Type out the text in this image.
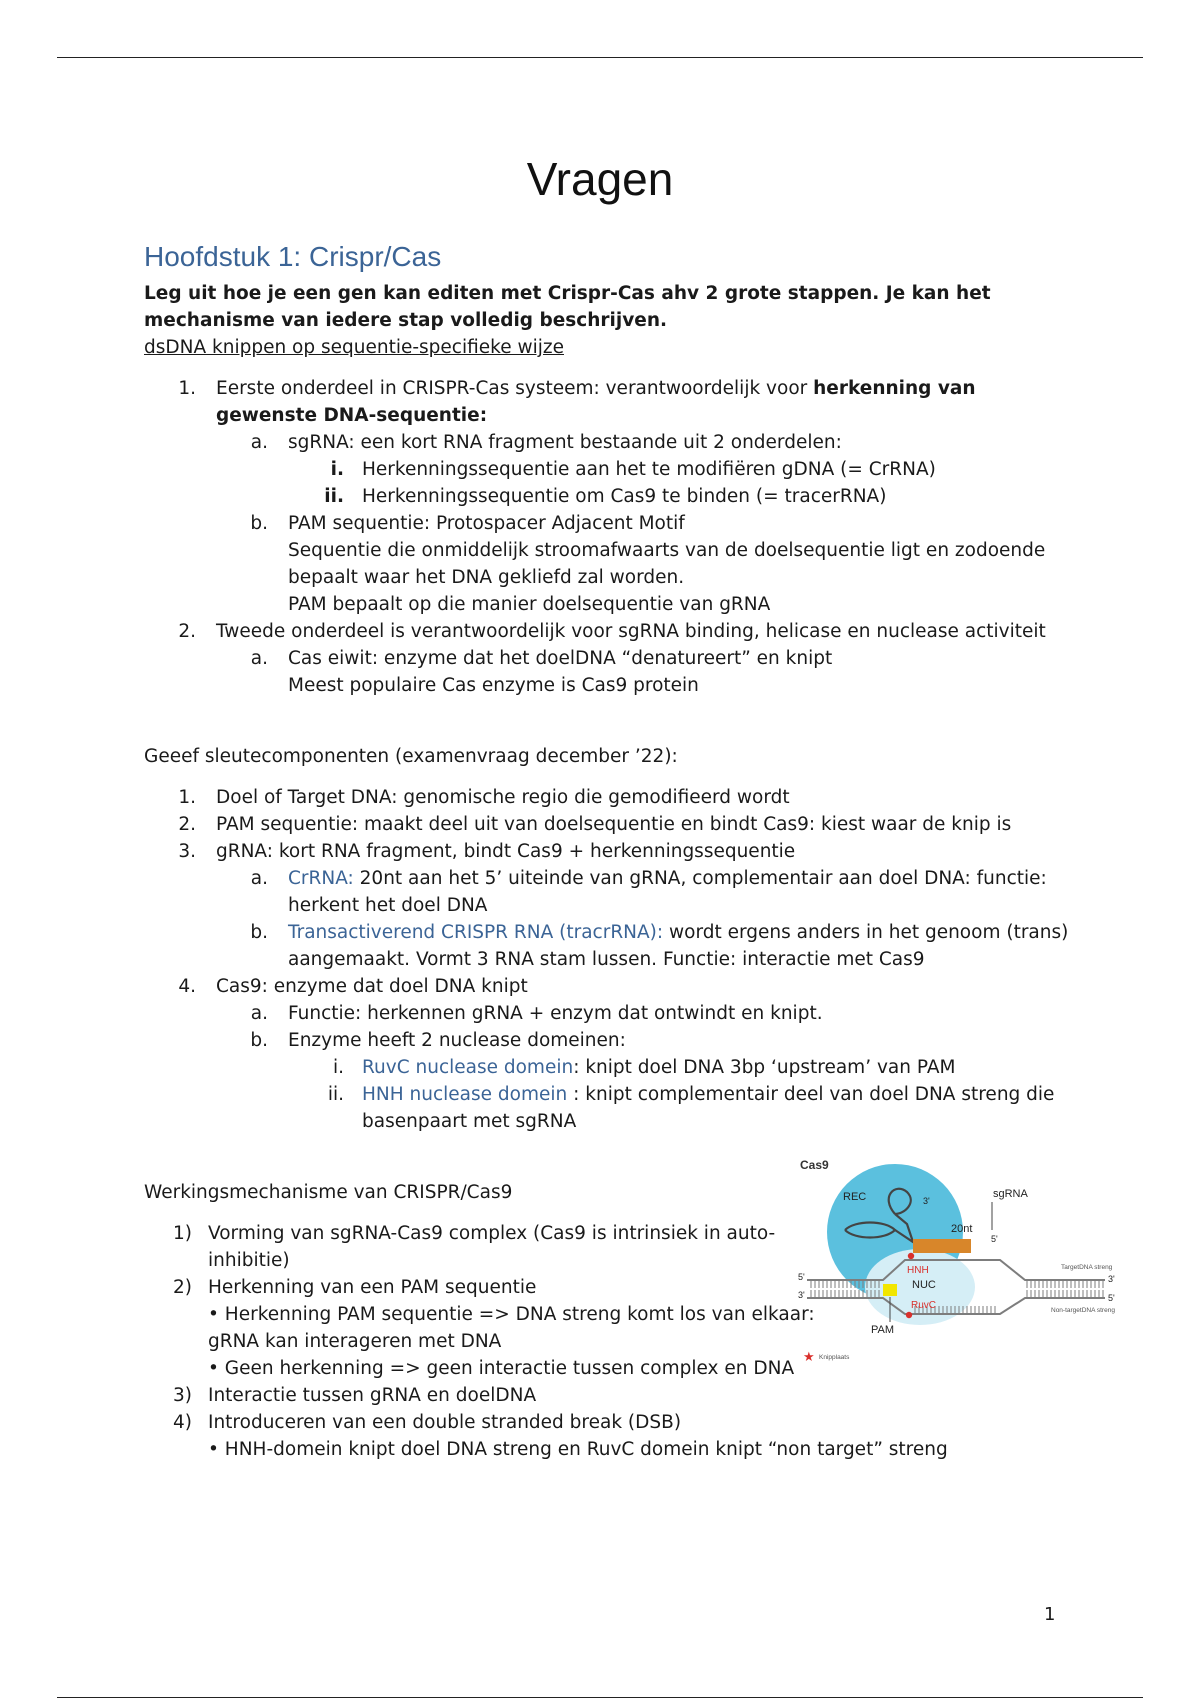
Vragen
Hoofdstuk 1: Crispr/Cas

Leg uit hoe je een gen kan editen met Crispr-Cas ahv 2 grote stappen. Je kan het mechanisme van iedere stap volledig beschrijven.

dsDNA knippen op sequentie-specifieke wijze

1. Eerste onderdeel in CRISPR-Cas systeem: verantwoordelijk voor herkenning van gewenste DNA-sequentie:
a. sgRNA: een kort RNA fragment bestaande uit 2 onderdelen:
i. Herkenningssequentie aan het te modifiëren gDNA (= CrRNA)
ii. Herkenningssequentie om Cas9 te binden (= tracerRNA)
b. PAM sequentie: Protospacer Adjacent Motif
Sequentie die onmiddelijk stroomafwaarts van de doelsequentie ligt en zodoende bepaalt waar het DNA gekliefd zal worden.
PAM bepaalt op die manier doelsequentie van gRNA
2. Tweede onderdeel is verantwoordelijk voor sgRNA binding, helicase en nuclease activiteit
a. Cas eiwit: enzyme dat het doelDNA “denatureert” en knipt
Meest populaire Cas enzyme is Cas9 protein

Geeef sleutecomponenten (examenvraag december ’22):

1. Doel of Target DNA: genomische regio die gemodifieerd wordt
2. PAM sequentie: maakt deel uit van doelsequentie en bindt Cas9: kiest waar de knip is
3. gRNA: kort RNA fragment, bindt Cas9 + herkenningssequentie
a. CrRNA: 20nt aan het 5’ uiteinde van gRNA, complementair aan doel DNA: functie: herkent het doel DNA
b. Transactiverend CRISPR RNA (tracrRNA): wordt ergens anders in het genoom (trans) aangemaakt. Vormt 3 RNA stam lussen. Functie: interactie met Cas9
4. Cas9: enzyme dat doel DNA knipt
a. Functie: herkennen gRNA + enzym dat ontwindt en knipt.
b. Enzyme heeft 2 nuclease domeinen:
i. RuvC nuclease domein: knipt doel DNA 3bp ‘upstream’ van PAM
ii. HNH nuclease domein : knipt complementair deel van doel DNA streng die basenpaart met sgRNA

Werkingsmechanisme van CRISPR/Cas9

1) Vorming van sgRNA-Cas9 complex (Cas9 is intrinsiek in auto-inhibitie)
2) Herkenning van een PAM sequentie
• Herkenning PAM sequentie => DNA streng komt los van elkaar: gRNA kan interageren met DNA
• Geen herkenning => geen interactie tussen complex en DNA
3) Interactie tussen gRNA en doelDNA
4) Introduceren van een double stranded break (DSB)
• HNH-domein knipt doel DNA streng en RuvC domein knipt “non target” streng
Cas9
REC
NUC
3'
20nt
sgRNA
5'
PAM
HNH
RuvC
5'
3'
3'
5'
TargetDNA streng
Non-targetDNA streng
★ Knipplaats
1
